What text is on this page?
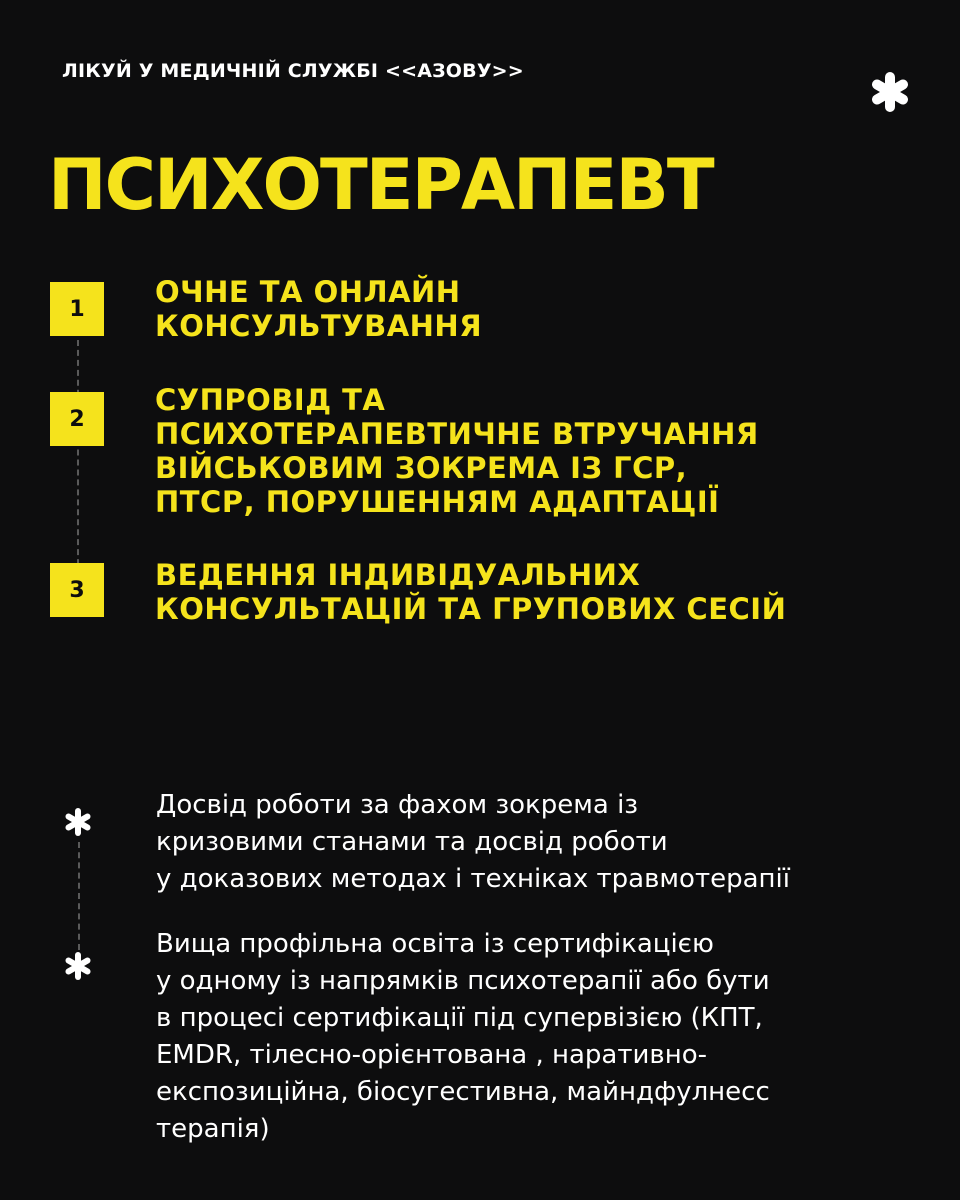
ЛІКУЙ У МЕДИЧНІЙ СЛУЖБІ <<АЗОВУ>>
ПСИХОТЕРАПЕВТ
1	ОЧНЕ ТА ОНЛАЙН
КОНСУЛЬТУВАННЯ
2
СУПРОВІД ТА
ПСИХОТЕРАПЕВТИЧНЕ ВТРУЧАННЯ
ВІЙСЬКОВИМ ЗОКРЕМА ІЗ ГСР,
ПТСР, ПОРУШЕННЯМ АДАПТАЦІЇ
3	ВЕДЕННЯ ІНДИВІДУАЛЬНИХ
КОНСУЛЬТАЦІЙ ТА ГРУПОВИХ СЕСІЙ
Досвід роботи за фахом зокрема із
кризовими станами та досвід роботи
у доказових методах і техніках травмотерапії
Вища профільна освіта із сертифікацією
у одному із напрямків психотерапії або бути
в процесі сертифікації під супервізією (КПТ,
EMDR, тілесно-орієнтована , наративно-
експозиційна, біосугестивна, майндфулнесс
терапія)
